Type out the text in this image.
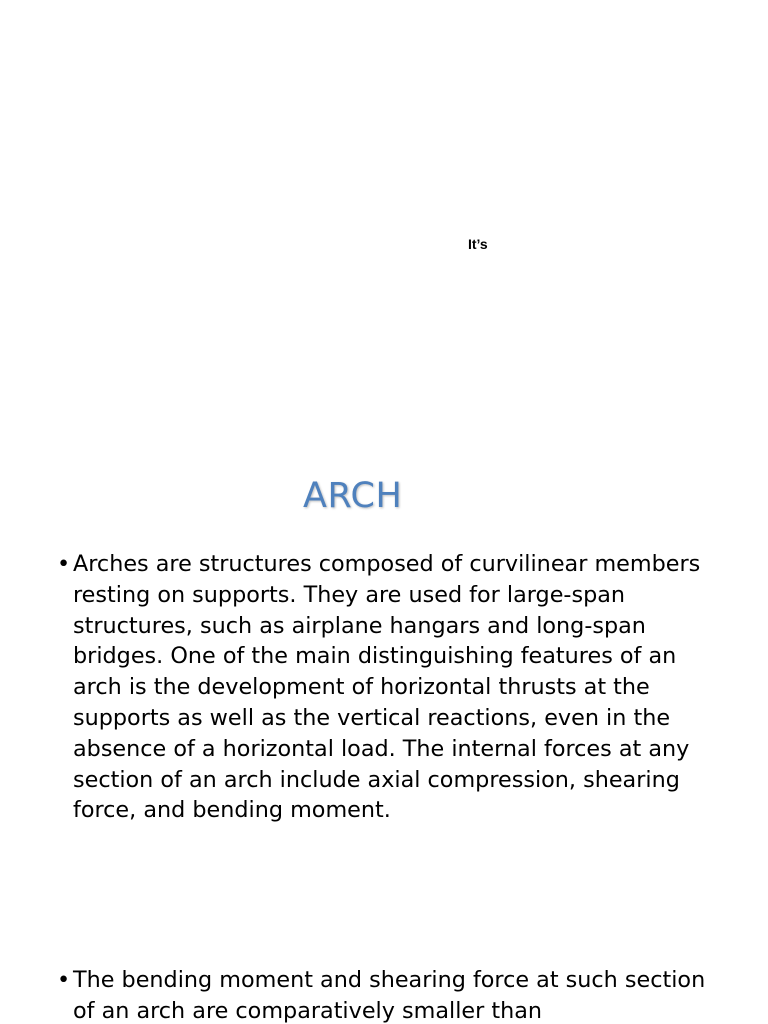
It’s
ARCH
• Arches are structures composed of curvilinear members resting on supports. They are used for large-span structures, such as airplane hangars and long-span bridges. One of the main distinguishing features of an arch is the development of horizontal thrusts at the supports as well as the vertical reactions, even in the absence of a horizontal load. The internal forces at any section of an arch include axial compression, shearing force, and bending moment.
• The bending moment and shearing force at such section of an arch are comparatively smaller than
